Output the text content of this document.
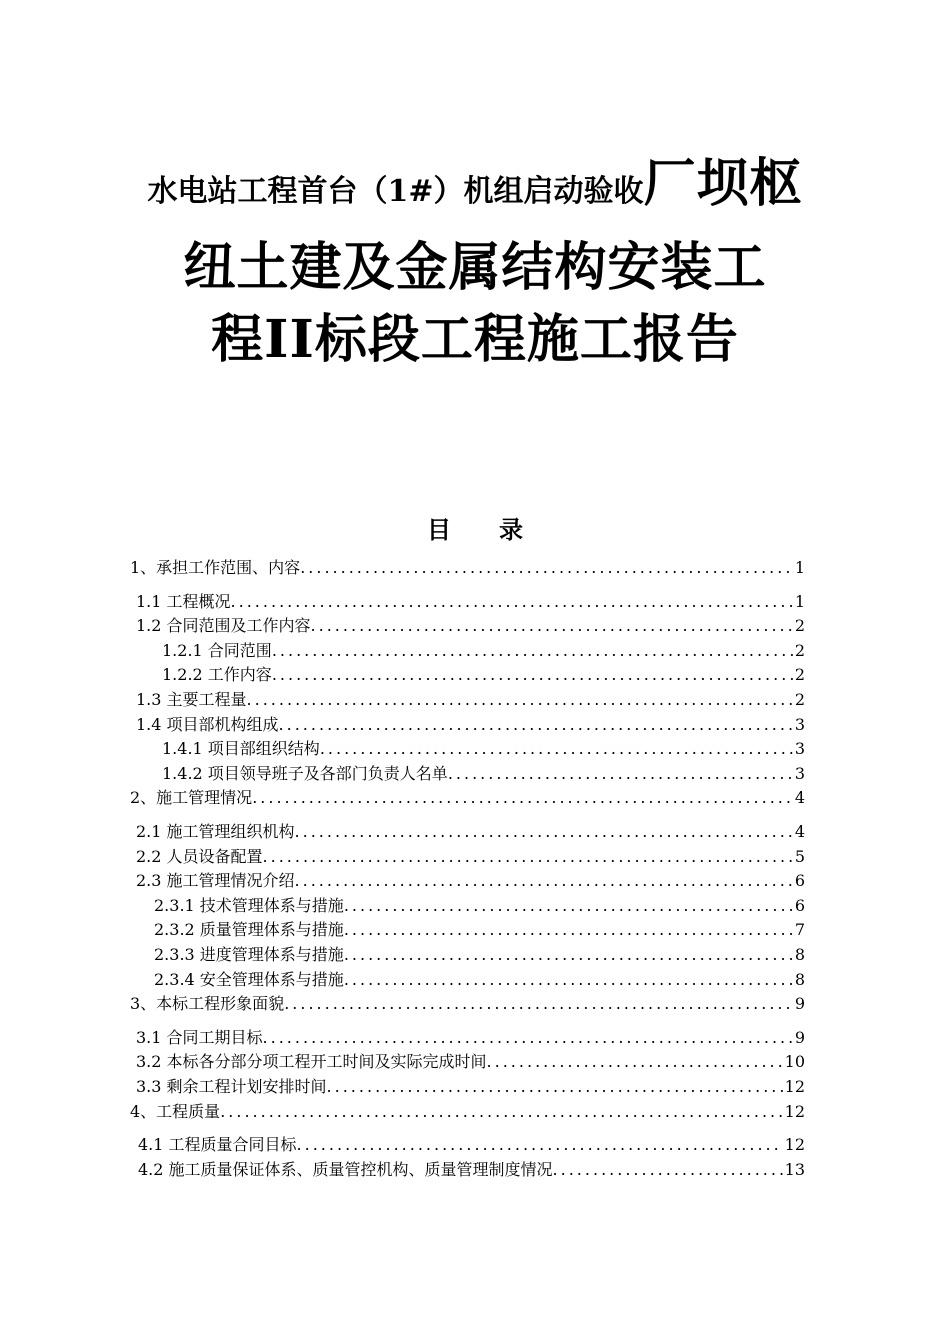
水电站工程首台（1#）机组启动验收厂坝枢
纽土建及金属结构安装工
程II标段工程施工报告
目录
1、承担工作范围、内容 .....	1
1.1 工程概况 .....	1
1.2 合同范围及工作内容 .....	2
1.2.1 合同范围 .....	2
1.2.2 工作内容 .....	2
1.3 主要工程量 .....	2
1.4 项目部机构组成 .....	3
1.4.1 项目部组织结构 .....	3
1.4.2 项目领导班子及各部门负责人名单 .....	3
2、施工管理情况 .....	4
2.1 施工管理组织机构 .....	4
2.2 人员设备配置 .....	5
2.3 施工管理情况介绍 .....	6
2.3.1 技术管理体系与措施 .....	6
2.3.2 质量管理体系与措施 .....	7
2.3.3 进度管理体系与措施 .....	8
2.3.4 安全管理体系与措施 .....	8
3、本标工程形象面貌 .....	9
3.1 合同工期目标 .....	9
3.2 本标各分部分项工程开工时间及实际完成时间 .....	10
3.3 剩余工程计划安排时间 .....	12
4、工程质量 .....	12
4.1 工程质量合同目标 .....	12
4.2 施工质量保证体系、质量管控机构、质量管理制度情况 .....	13
